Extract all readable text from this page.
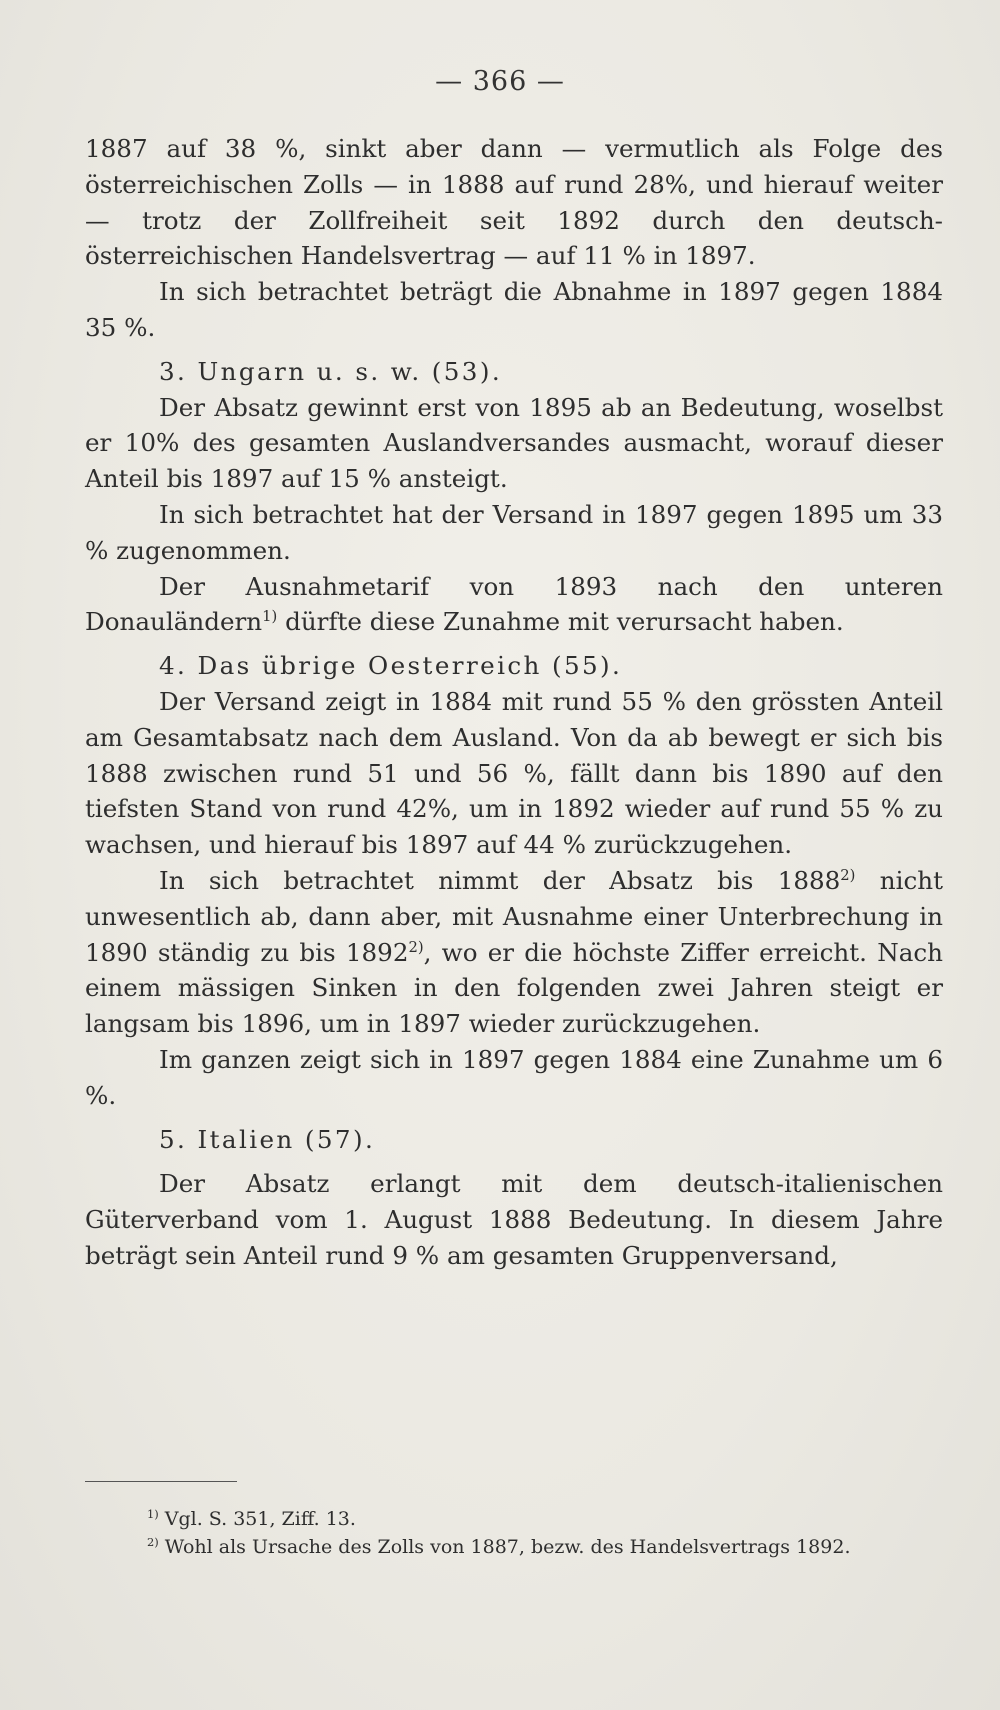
— 366 —

1887 auf 38 %, sinkt aber dann — vermutlich als Folge des österreichischen Zolls — in 1888 auf rund 28%, und hierauf weiter — trotz der Zollfreiheit seit 1892 durch den deutsch-österreichischen Handelsvertrag — auf 11 % in 1897.

In sich betrachtet beträgt die Abnahme in 1897 gegen 1884 35 %.

3. Ungarn u. s. w. (53).

Der Absatz gewinnt erst von 1895 ab an Bedeutung, woselbst er 10% des gesamten Auslandversandes ausmacht, worauf dieser Anteil bis 1897 auf 15 % ansteigt.

In sich betrachtet hat der Versand in 1897 gegen 1895 um 33 % zugenommen.

Der Ausnahmetarif von 1893 nach den unteren Donauländern$^{1)}$ dürfte diese Zunahme mit verursacht haben.

4. Das übrige Oesterreich (55).

Der Versand zeigt in 1884 mit rund 55 % den grössten Anteil am Gesamtabsatz nach dem Ausland. Von da ab bewegt er sich bis 1888 zwischen rund 51 und 56 %, fällt dann bis 1890 auf den tiefsten Stand von rund 42%, um in 1892 wieder auf rund 55 % zu wachsen, und hierauf bis 1897 auf 44 % zurückzugehen.

In sich betrachtet nimmt der Absatz bis 1888$^{2)}$ nicht unwesentlich ab, dann aber, mit Ausnahme einer Unterbrechung in 1890 ständig zu bis 1892$^{2)}$, wo er die höchste Ziffer erreicht. Nach einem mässigen Sinken in den folgenden zwei Jahren steigt er langsam bis 1896, um in 1897 wieder zurückzugehen.

Im ganzen zeigt sich in 1897 gegen 1884 eine Zunahme um 6 %.

5. Italien (57).

Der Absatz erlangt mit dem deutsch-italienischen Güterverband vom 1. August 1888 Bedeutung. In diesem Jahre beträgt sein Anteil rund 9 % am gesamten Gruppenversand,

$^{1)}$ Vgl. S. 351, Ziff. 13.

$^{2)}$ Wohl als Ursache des Zolls von 1887, bezw. des Handelsvertrags 1892.
